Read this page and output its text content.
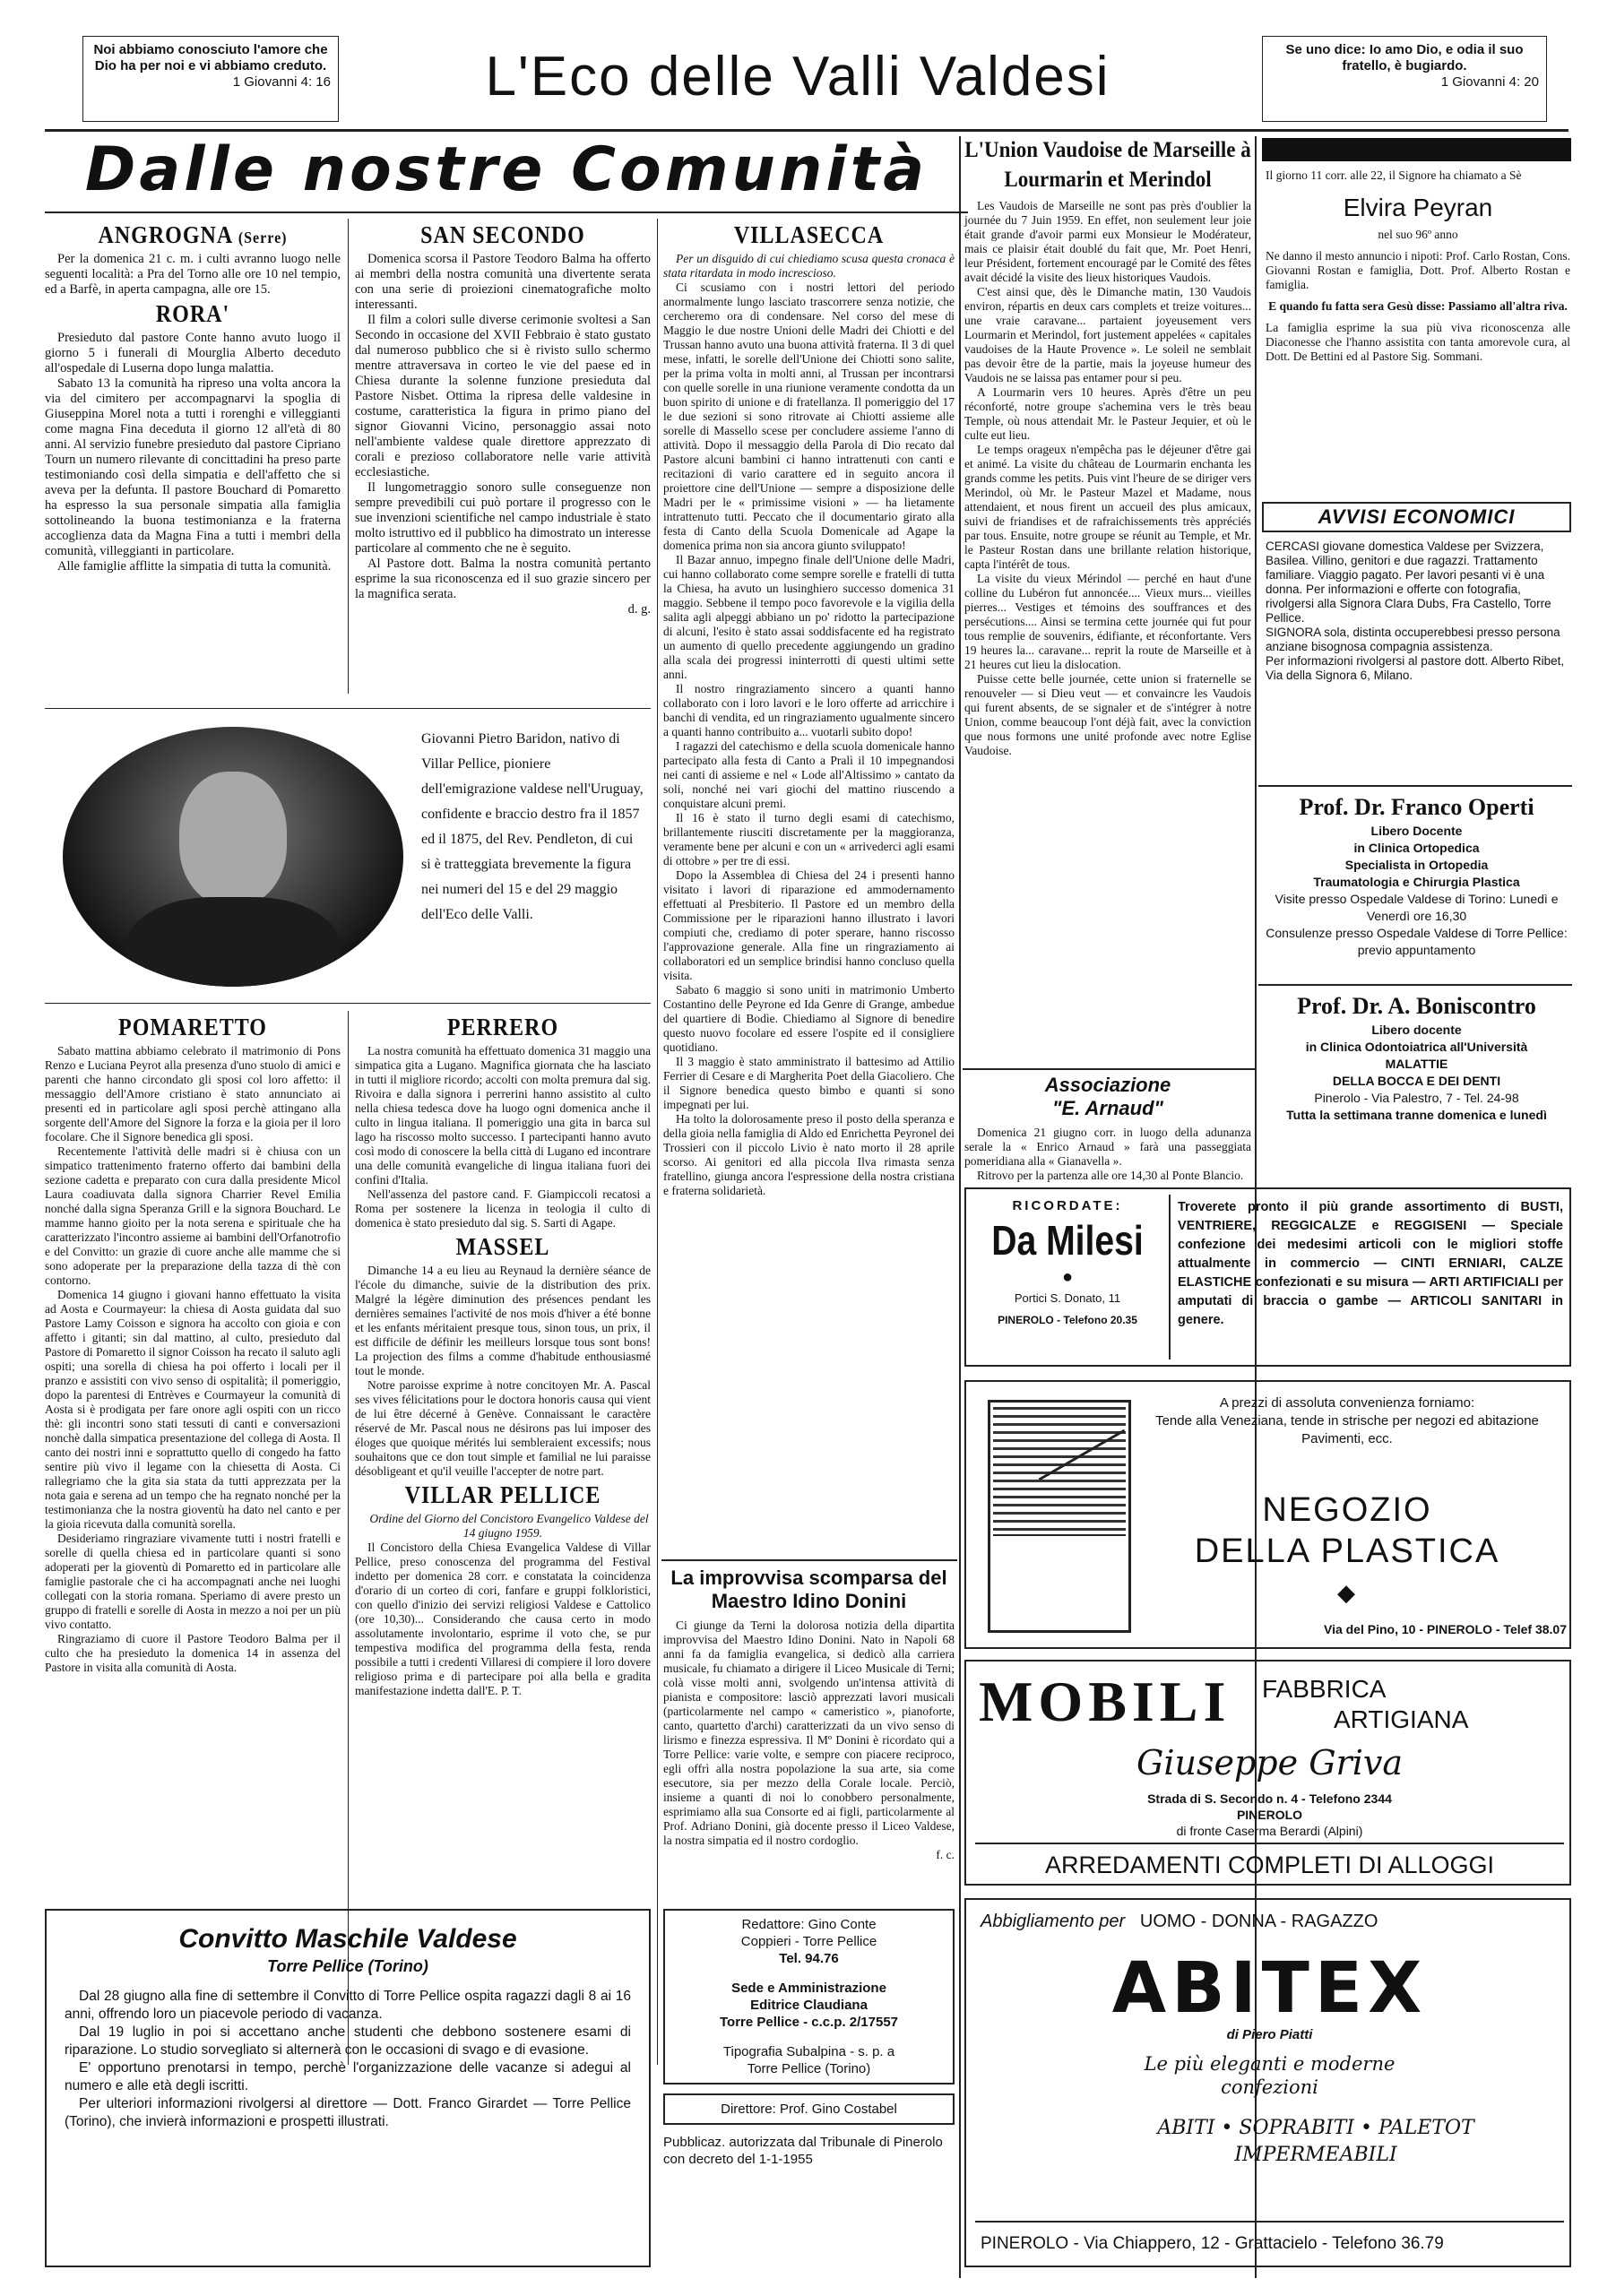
Noi abbiamo conosciuto l'amore che Dio ha per noi e vi abbiamo creduto.
1 Giovanni 4: 16	L'Eco delle Valli Valdesi	Se uno dice: Io amo Dio, e odia il suo fratello, è bugiardo.
1 Giovanni 4: 20
Dalle nostre Comunità
ANGROGNA (Serre)

Per la domenica 21 c. m. i culti avranno luogo nelle seguenti località: a Pra del Torno alle ore 10 nel tempio, ed a Barfè, in aperta campagna, alle ore 15.

RORA'

Presieduto dal pastore Conte hanno avuto luogo il giorno 5 i funerali di Mourglia Alberto deceduto all'ospedale di Luserna dopo lunga malattia.

Sabato 13 la comunità ha ripreso una volta ancora la via del cimitero per accompagnarvi la spoglia di Giuseppina Morel nota a tutti i rorenghi e villeggianti come magna Fina deceduta il giorno 12 all'età di 80 anni. Al servizio funebre presieduto dal pastore Cipriano Tourn un numero rilevante di concittadini ha preso parte testimoniando così della simpatia e dell'affetto che si aveva per la defunta. Il pastore Bouchard di Pomaretto ha espresso la sua personale simpatia alla famiglia sottolineando la buona testimonianza e la fraterna accoglienza data da Magna Fina a tutti i membri della comunità, villeggianti in particolare.

Alle famiglie afflitte la simpatia di tutta la comunità.

SAN SECONDO

Domenica scorsa il Pastore Teodoro Balma ha offerto ai membri della nostra comunità una divertente serata con una serie di proiezioni cinematografiche molto interessanti.

Il film a colori sulle diverse cerimonie svoltesi a San Secondo in occasione del XVII Febbraio è stato gustato dal numeroso pubblico che si è rivisto sullo schermo mentre attraversava in corteo le vie del paese ed in Chiesa durante la solenne funzione presieduta dal Pastore Nisbet. Ottima la ripresa delle valdesine in costume, caratteristica la figura in primo piano del signor Giovanni Vicino, personaggio assai noto nell'ambiente valdese quale direttore apprezzato di corali e prezioso collaboratore nelle varie attività ecclesiastiche.

Il lungometraggio sonoro sulle conseguenze non sempre prevedibili cui può portare il progresso con le sue invenzioni scientifiche nel campo industriale è stato molto istruttivo ed il pubblico ha dimostrato un interesse particolare al commento che ne è seguito.

Al Pastore dott. Balma la nostra comunità pertanto esprime la sua riconoscenza ed il suo grazie sincero per la magnifica serata.

d. g.

VILLASECCA

Per un disguido di cui chiediamo scusa questa cronaca è stata ritardata in modo increscioso.

Ci scusiamo con i nostri lettori del periodo anormalmente lungo lasciato trascorrere senza notizie, che cercheremo ora di condensare. Nel corso del mese di Maggio le due nostre Unioni delle Madri dei Chiotti e del Trussan hanno avuto una buona attività fraterna. Il 3 di quel mese, infatti, le sorelle dell'Unione dei Chiotti sono salite, per la prima volta in molti anni, al Trussan per incontrarsi con quelle sorelle in una riunione veramente condotta da un buon spirito di unione e di fratellanza. Il pomeriggio del 17 le due sezioni si sono ritrovate ai Chiotti assieme alle sorelle di Massello scese per concludere assieme l'anno di attività. Dopo il messaggio della Parola di Dio recato dal Pastore alcuni bambini ci hanno intrattenuti con canti e recitazioni di vario carattere ed in seguito ancora il proiettore cine dell'Unione — sempre a disposizione delle Madri per le « primissime visioni » — ha lietamente intrattenuto tutti. Peccato che il documentario girato alla festa di Canto della Scuola Domenicale ad Agape la domenica prima non sia ancora giunto sviluppato!

Il Bazar annuo, impegno finale dell'Unione delle Madri, cui hanno collaborato come sempre sorelle e fratelli di tutta la Chiesa, ha avuto un lusinghiero successo domenica 31 maggio. Sebbene il tempo poco favorevole e la vigilia della salita agli alpeggi abbiano un po' ridotto la partecipazione di alcuni, l'esito è stato assai soddisfacente ed ha registrato un aumento di quello precedente aggiungendo un gradino alla scala dei progressi ininterrotti di questi ultimi sette anni.

Il nostro ringraziamento sincero a quanti hanno collaborato con i loro lavori e le loro offerte ad arricchire i banchi di vendita, ed un ringraziamento ugualmente sincero a quanti hanno contribuito a... vuotarli subito dopo!

I ragazzi del catechismo e della scuola domenicale hanno partecipato alla festa di Canto a Pralì il 10 impegnandosi nei canti di assieme e nel « Lode all'Altissimo » cantato da soli, nonché nei vari giochi del mattino riuscendo a conquistare alcuni premi.

Il 16 è stato il turno degli esami di catechismo, brillantemente riusciti discretamente per la maggioranza, veramente bene per alcuni e con un « arrivederci agli esami di ottobre » per tre di essi.

Dopo la Assemblea di Chiesa del 24 i presenti hanno visitato i lavori di riparazione ed ammodernamento effettuati al Presbiterio. Il Pastore ed un membro della Commissione per le riparazioni hanno illustrato i lavori compiuti che, crediamo di poter sperare, hanno riscosso l'approvazione generale. Alla fine un ringraziamento ai collaboratori ed un semplice brindisi hanno concluso quella visita.

Sabato 6 maggio si sono uniti in matrimonio Umberto Costantino delle Peyrone ed Ida Genre di Grange, ambedue del quartiere di Bodìe. Chiediamo al Signore di benedire questo nuovo focolare ed essere l'ospite ed il consigliere quotidiano.

Il 3 maggio è stato amministrato il battesimo ad Attilio Ferrier di Cesare e di Margherita Poet della Giacoliero. Che il Signore benedica questo bimbo e quanti si sono impegnati per lui.

Ha tolto la dolorosamente preso il posto della speranza e della gioia nella famiglia di Aldo ed Enrichetta Peyronel dei Trossieri con il piccolo Livio è nato morto il 28 aprile scorso. Ai genitori ed alla piccola Ilva rimasta senza fratellino, giunga ancora l'espressione della nostra cristiana e fraterna solidarietà.

Giovanni Pietro Baridon, nativo di Villar Pellice, pioniere dell'emigrazione valdese nell'Uruguay, confidente e braccio destro fra il 1857 ed il 1875, del Rev. Pendleton, di cui si è tratteggiata brevemente la figura nei numeri del 15 e del 29 maggio dell'Eco delle Valli.
POMARETTO

Sabato mattina abbiamo celebrato il matrimonio di Pons Renzo e Luciana Peyrot alla presenza d'uno stuolo di amici e parenti che hanno circondato gli sposi col loro affetto: il messaggio dell'Amore cristiano è stato annunciato ai presenti ed in particolare agli sposi perchè attingano alla sorgente dell'Amore del Signore la forza e la gioia per il loro focolare. Che il Signore benedica gli sposi.

Recentemente l'attività delle madri si è chiusa con un simpatico trattenimento fraterno offerto dai bambini della sezione cadetta e preparato con cura dalla presidente Micol Laura coadiuvata dalla signora Charrier Revel Emilia nonché dalla signa Speranza Grill e la signora Bouchard. Le mamme hanno gioito per la nota serena e spirituale che ha caratterizzato l'incontro assieme ai bambini dell'Orfanotrofio e del Convitto: un grazie di cuore anche alle mamme che si sono adoperate per la preparazione della tazza di thè con contorno.

Domenica 14 giugno i giovani hanno effettuato la visita ad Aosta e Courmayeur: la chiesa di Aosta guidata dal suo Pastore Lamy Coisson e signora ha accolto con gioia e con affetto i gitanti; sin dal mattino, al culto, presieduto dal Pastore di Pomaretto il signor Coisson ha recato il saluto agli ospiti; una sorella di chiesa ha poi offerto i locali per il pranzo e assistiti con vivo senso di ospitalità; il pomeriggio, dopo la parentesi di Entrèves e Courmayeur la comunità di Aosta si è prodigata per fare onore agli ospiti con un ricco thè: gli incontri sono stati tessuti di canti e conversazioni nonchè dalla simpatica presentazione del collega di Aosta. Il canto dei nostri inni e soprattutto quello di congedo ha fatto sentire più vivo il legame con la chiesetta di Aosta. Ci rallegriamo che la gita sia stata da tutti apprezzata per la nota gaia e serena ad un tempo che ha regnato nonché per la testimonianza che la nostra gioventù ha dato nel canto e per la gioia ricevuta dalla comunità sorella.

Desideriamo ringraziare vivamente tutti i nostri fratelli e sorelle di quella chiesa ed in particolare quanti si sono adoperati per la gioventù di Pomaretto ed in particolare alle famiglie pastorale che ci ha accompagnati anche nei luoghi collegati con la storia romana. Speriamo di avere presto un gruppo di fratelli e sorelle di Aosta in mezzo a noi per un più vivo contatto.

Ringraziamo di cuore il Pastore Teodoro Balma per il culto che ha presieduto la domenica 14 in assenza del Pastore in visita alla comunità di Aosta.

PERRERO

La nostra comunità ha effettuato domenica 31 maggio una simpatica gita a Lugano. Magnifica giornata che ha lasciato in tutti il migliore ricordo; accolti con molta premura dal sig. Rivoira e dalla signora i perrerini hanno assistito al culto nella chiesa tedesca dove ha luogo ogni domenica anche il culto in lingua italiana. Il pomeriggio una gita in barca sul lago ha riscosso molto successo. I partecipanti hanno avuto così modo di conoscere la bella città di Lugano ed incontrare una delle comunità evangeliche di lingua italiana fuori dei confini d'Italia.

Nell'assenza del pastore cand. F. Giampiccoli recatosi a Roma per sostenere la licenza in teologia il culto di domenica è stato presieduto dal sig. S. Sarti di Agape.

MASSEL

Dimanche 14 a eu lieu au Reynaud la dernière séance de l'école du dimanche, suivie de la distribution des prix. Malgré la légère diminution des présences pendant les dernières semaines l'activité de nos mois d'hiver a été bonne et les enfants méritaient presque tous, sinon tous, un prix, il est difficile de définir les meilleurs lorsque tous sont bons! La projection des films a comme d'habitude enthousiasmé tout le monde.

Notre paroisse exprime à notre concitoyen Mr. A. Pascal ses vives félicitations pour le doctora honoris causa qui vient de lui être décerné à Genève. Connaissant le caractère réservé de Mr. Pascal nous ne désirons pas lui imposer des éloges que quoique mérités lui sembleraient excessifs; nous souhaitons que ce don tout simple et familial ne lui paraisse désobligeant et qu'il veuille l'accepter de notre part.

VILLAR PELLICE

Ordine del Giorno del Concistoro Evangelico Valdese del 14 giugno 1959.

Il Concistoro della Chiesa Evangelica Valdese di Villar Pellice, preso conoscenza del programma del Festival indetto per domenica 28 corr. e constatata la coincidenza d'orario di un corteo di cori, fanfare e gruppi folkloristici, con quello d'inizio dei servizi religiosi Valdese e Cattolico (ore 10,30)... Considerando che causa certo in modo assolutamente involontario, esprime il voto che, se pur tempestiva modifica del programma della festa, renda possibile a tutti i credenti Villaresi di compiere il loro dovere religioso prima e di partecipare poi alla bella e gradita manifestazione indetta dall'E. P. T.

La improvvisa scomparsa del Maestro Idino Donini

Ci giunge da Terni la dolorosa notizia della dipartita improvvisa del Maestro Idino Donini. Nato in Napoli 68 anni fa da famiglia evangelica, si dedicò alla carriera musicale, fu chiamato a dirigere il Liceo Musicale di Terni; colà visse molti anni, svolgendo un'intensa attività di pianista e compositore: lasciò apprezzati lavori musicali (particolarmente nel campo « cameristico », pianoforte, canto, quartetto d'archi) caratterizzati da un vivo senso di lirismo e finezza espressiva. Il Mº Donini è ricordato qui a Torre Pellice: varie volte, e sempre con piacere reciproco, egli offrì alla nostra popolazione la sua arte, sia come esecutore, sia per mezzo della Corale locale. Perciò, insieme a quanti di noi lo conobbero personalmente, esprimiamo alla sua Consorte ed ai figli, particolarmente al Prof. Adriano Donini, già docente presso il Liceo Valdese, la nostra simpatia ed il nostro cordoglio.

f. c.

L'Union Vaudoise de Marseille à Lourmarin et Merindol

Les Vaudois de Marseille ne sont pas près d'oublier la journée du 7 Juin 1959. En effet, non seulement leur joie était grande d'avoir parmi eux Monsieur le Modérateur, mais ce plaisir était doublé du fait que, Mr. Poet Henri, leur Président, fortement encouragé par le Comité des fêtes avait décidé la visite des lieux historiques Vaudois.

C'est ainsi que, dès le Dimanche matin, 130 Vaudois environ, répartis en deux cars complets et treize voitures... une vraie caravane... partaient joyeusement vers Lourmarin et Merindol, fort justement appelées « capitales vaudoises de la Haute Provence ». Le soleil ne semblait pas devoir être de la partie, mais la joyeuse humeur des Vaudois ne se laissa pas entamer pour si peu.

A Lourmarin vers 10 heures. Après d'être un peu réconforté, notre groupe s'achemina vers le très beau Temple, où nous attendait Mr. le Pasteur Jequier, et où le culte eut lieu.

Le temps orageux n'empêcha pas le déjeuner d'être gai et animé. La visite du château de Lourmarin enchanta les grands comme les petits. Puis vint l'heure de se diriger vers Merindol, où Mr. le Pasteur Mazel et Madame, nous attendaient, et nous firent un accueil des plus amicaux, suivi de friandises et de rafraichissements très appréciés par tous. Ensuite, notre groupe se réunit au Temple, et Mr. le Pasteur Rostan dans une brillante relation historique, capta l'intérêt de tous.

La visite du vieux Mérindol — perché en haut d'une colline du Lubéron fut annoncée.... Vieux murs... vieilles pierres... Vestiges et témoins des souffrances et des persécutions.... Ainsi se termina cette journée qui fut pour tous remplie de souvenirs, édifiante, et réconfortante. Vers 19 heures la... caravane... reprit la route de Marseille et à 21 heures cut lieu la dislocation.

Puisse cette belle journée, cette union si fraternelle se renouveler — si Dieu veut — et convaincre les Vaudois qui furent absents, de se signaler et de s'intégrer à notre Union, comme beaucoup l'ont déjà fait, avec la conviction que nous formons une unité profonde avec notre Eglise Vaudoise.

Associazione
"E. Arnaud"

Domenica 21 giugno corr. in luogo della adunanza serale la « Enrico Arnaud » farà una passeggiata pomeridiana alla « Gianavella ».

Ritrovo per la partenza alle ore 14,30 al Ponte Blancio.

Il giorno 11 corr. alle 22, il Signore ha chiamato a Sè
Elvira Peyran
nel suo 96º anno
Ne danno il mesto annuncio i nipoti: Prof. Carlo Rostan, Cons. Giovanni Rostan e famiglia, Dott. Prof. Alberto Rostan e famiglia.
E quando fu fatta sera Gesù disse: Passiamo all'altra riva.
La famiglia esprime la sua più viva riconoscenza alle Diaconesse che l'hanno assistita con tanta amorevole cura, al Dott. De Bettini ed al Pastore Sig. Sommani.
AVVISI ECONOMICI
CERCASI giovane domestica Valdese per Svizzera, Basilea. Villino, genitori e due ragazzi. Trattamento familiare. Viaggio pagato. Per lavori pesanti vi è una donna. Per informazioni e offerte con fotografia, rivolgersi alla Signora Clara Dubs, Fra Castello, Torre Pellice.
SIGNORA sola, distinta occuperebbesi presso persona anziane bisognosa compagnia assistenza.
Per informazioni rivolgersi al pastore dott. Alberto Ribet, Via della Signora 6, Milano.
Prof. Dr. Franco Operti
Libero Docente
in Clinica Ortopedica
Specialista in Ortopedia
Traumatologia e Chirurgia Plastica
Visite presso Ospedale Valdese di Torino: Lunedì e Venerdì ore 16,30
Consulenze presso Ospedale Valdese di Torre Pellice: previo appuntamento
Prof. Dr. A. Boniscontro
Libero docente
in Clinica Odontoiatrica all'Università
MALATTIE
DELLA BOCCA E DEI DENTI
Pinerolo - Via Palestro, 7 - Tel. 24-98
Tutta la settimana tranne domenica e lunedì
RICORDATE:
Da Milesi
●
Portici S. Donato, 11
PINEROLO - Telefono 20.35
Troverete pronto il più grande assortimento di BUSTI, VENTRIERE, REGGICALZE e REGGISENI — Speciale confezione dei medesimi articoli con le migliori stoffe attualmente in commercio — CINTI ERNIARI, CALZE ELASTICHE confezionati e su misura — ARTI ARTIFICIALI per amputati di braccia o gambe — ARTICOLI SANITARI in genere.
A prezzi di assoluta convenienza forniamo:
Tende alla Veneziana, tende in strische per negozi ed abitazione
Pavimenti, ecc.
NEGOZIO
DELLA PLASTICA
◆
Via del Pino, 10 - PINEROLO - Telef 38.07
MOBILI	FABBRICA
ARTIGIANA
Giuseppe Griva
Strada di S. Secondo n. 4 - Telefono 2344
PINEROLO
di fronte Caserma Berardi (Alpini)
ARREDAMENTI COMPLETI DI ALLOGGI
Convitto Maschile Valdese
Torre Pellice (Torino)
Dal 28 giugno alla fine di settembre il Convitto di Torre Pellice ospita ragazzi dagli 8 ai 16 anni, offrendo loro un piacevole periodo di vacanza.
Dal 19 luglio in poi si accettano anche studenti che debbono sostenere esami di riparazione. Lo studio sorvegliato si alternerà con le occasioni di svago e di evasione.
E' opportuno prenotarsi in tempo, perchè l'organizzazione delle vacanze si adegui al numero e alle età degli iscritti.
Per ulteriori informazioni rivolgersi al direttore — Dott. Franco Girardet — Torre Pellice (Torino), che invierà informazioni e prospetti illustrati.
Redattore: Gino Conte
Coppieri - Torre Pellice
Tel. 94.76
Sede e Amministrazione
Editrice Claudiana
Torre Pellice - c.c.p. 2/17557
Tipografia Subalpina - s. p. a
Torre Pellice (Torino)
Direttore: Prof. Gino Costabel
Pubblicaz. autorizzata dal Tribunale di Pinerolo con decreto del 1-1-1955
Abbigliamento per UOMO - DONNA - RAGAZZO
ABITEX
di Piero Piatti
Le più eleganti e moderne
confezioni
ABITI • SOPRABITI • PALETOT IMPERMEABILI
PINEROLO - Via Chiappero, 12 - Grattacielo - Telefono 36.79
